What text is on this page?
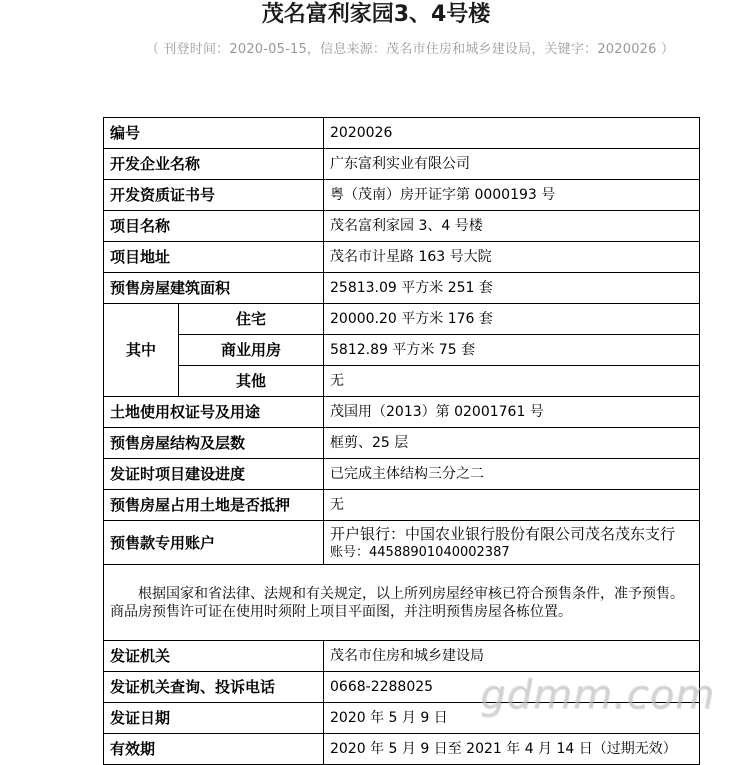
茂名富利家园3、4号楼
（ 刊登时间：2020-05-15，信息来源：茂名市住房和城乡建设局，关键字：2020026 ）
编号		2020026
开发企业名称		广东富利实业有限公司
开发资质证书号		粤（茂南）房开证字第 0000193 号
项目名称		茂名富利家园 3、4 号楼
项目地址		茂名市计星路 163 号大院
预售房屋建筑面积		25813.09 平方米 251 套
其中	住宅	20000.20 平方米 176 套
	商业用房	5812.89 平方米 75 套
	其他	无
土地使用权证号及用途		茂国用（2013）第 02001761 号
预售房屋结构及层数		框剪、25 层
发证时项目建设进度		已完成主体结构三分之二
预售房屋占用土地是否抵押		无
预售款专用账户		开户银行：中国农业银行股份有限公司茂名茂东支行
账号：44588901040002387

根据国家和省法律、法规和有关规定，以上所列房屋经审核已符合预售条件，准予预售。商品房预售许可证在使用时须附上项目平面图，并注明预售房屋各栋位置。		
发证机关		茂名市住房和城乡建设局
发证机关查询、投诉电话		0668-2288025
发证日期		2020 年 5 月 9 日
有效期		2020 年 5 月 9 日至 2021 年 4 月 14 日（过期无效）
gdmm.com
